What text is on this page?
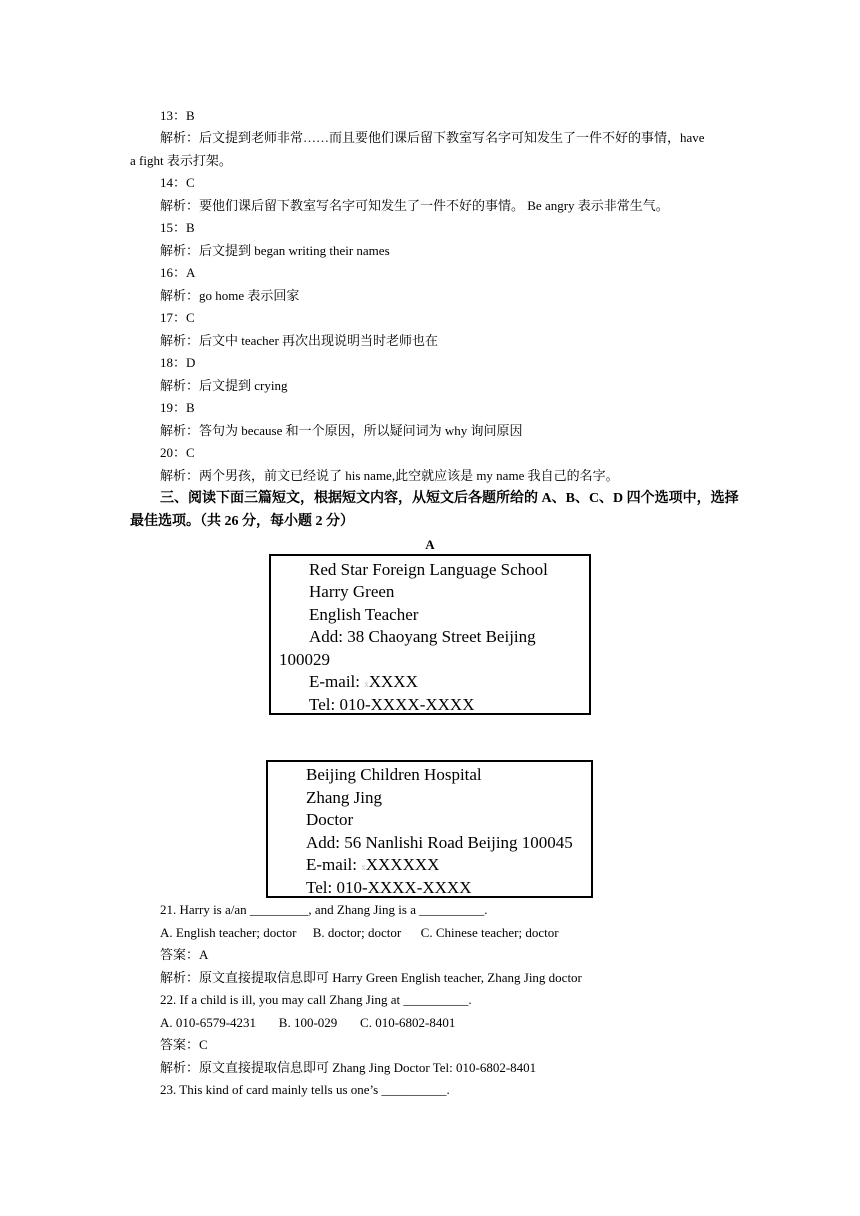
13：B
解析：后文提到老师非常……而且要他们课后留下教室写名字可知发生了一件不好的事情，have
a fight 表示打架。
14：C
解析：要他们课后留下教室写名字可知发生了一件不好的事情。 Be angry 表示非常生气。
15：B
解析：后文提到 began writing their names
16：A
解析：go home 表示回家
17：C
解析：后文中 teacher 再次出现说明当时老师也在
18：D
解析：后文提到 crying
19：B
解析：答句为 because 和一个原因，所以疑问词为 why 询问原因
20：C
解析：两个男孩，前文已经说了 his name,此空就应该是 my name 我自己的名字。
三、阅读下面三篇短文，根据短文内容，从短文后各题所给的 A、B、C、D 四个选项中，选择
最佳选项。（共 26 分，每小题 2 分）
A
Red Star Foreign Language School
Harry Green
English Teacher
Add: 38 Chaoyang Street Beijing
100029
E-mail: xXXXX
Tel: 010-XXXX-XXXX
Beijing Children Hospital
Zhang Jing
Doctor
Add: 56 Nanlishi Road Beijing 100045
E-mail: xXXXXXX
Tel: 010-XXXX-XXXX
21. Harry is a/an _________, and Zhang Jing is a __________.
A. English teacher; doctor     B. doctor; doctor      C. Chinese teacher; doctor
答案：A
解析：原文直接提取信息即可 Harry Green English teacher, Zhang Jing doctor
22. If a child is ill, you may call Zhang Jing at __________.
A. 010-6579-4231       B. 100-029       C. 010-6802-8401
答案：C
解析：原文直接提取信息即可 Zhang Jing Doctor Tel: 010-6802-8401
23. This kind of card mainly tells us one’s __________.
